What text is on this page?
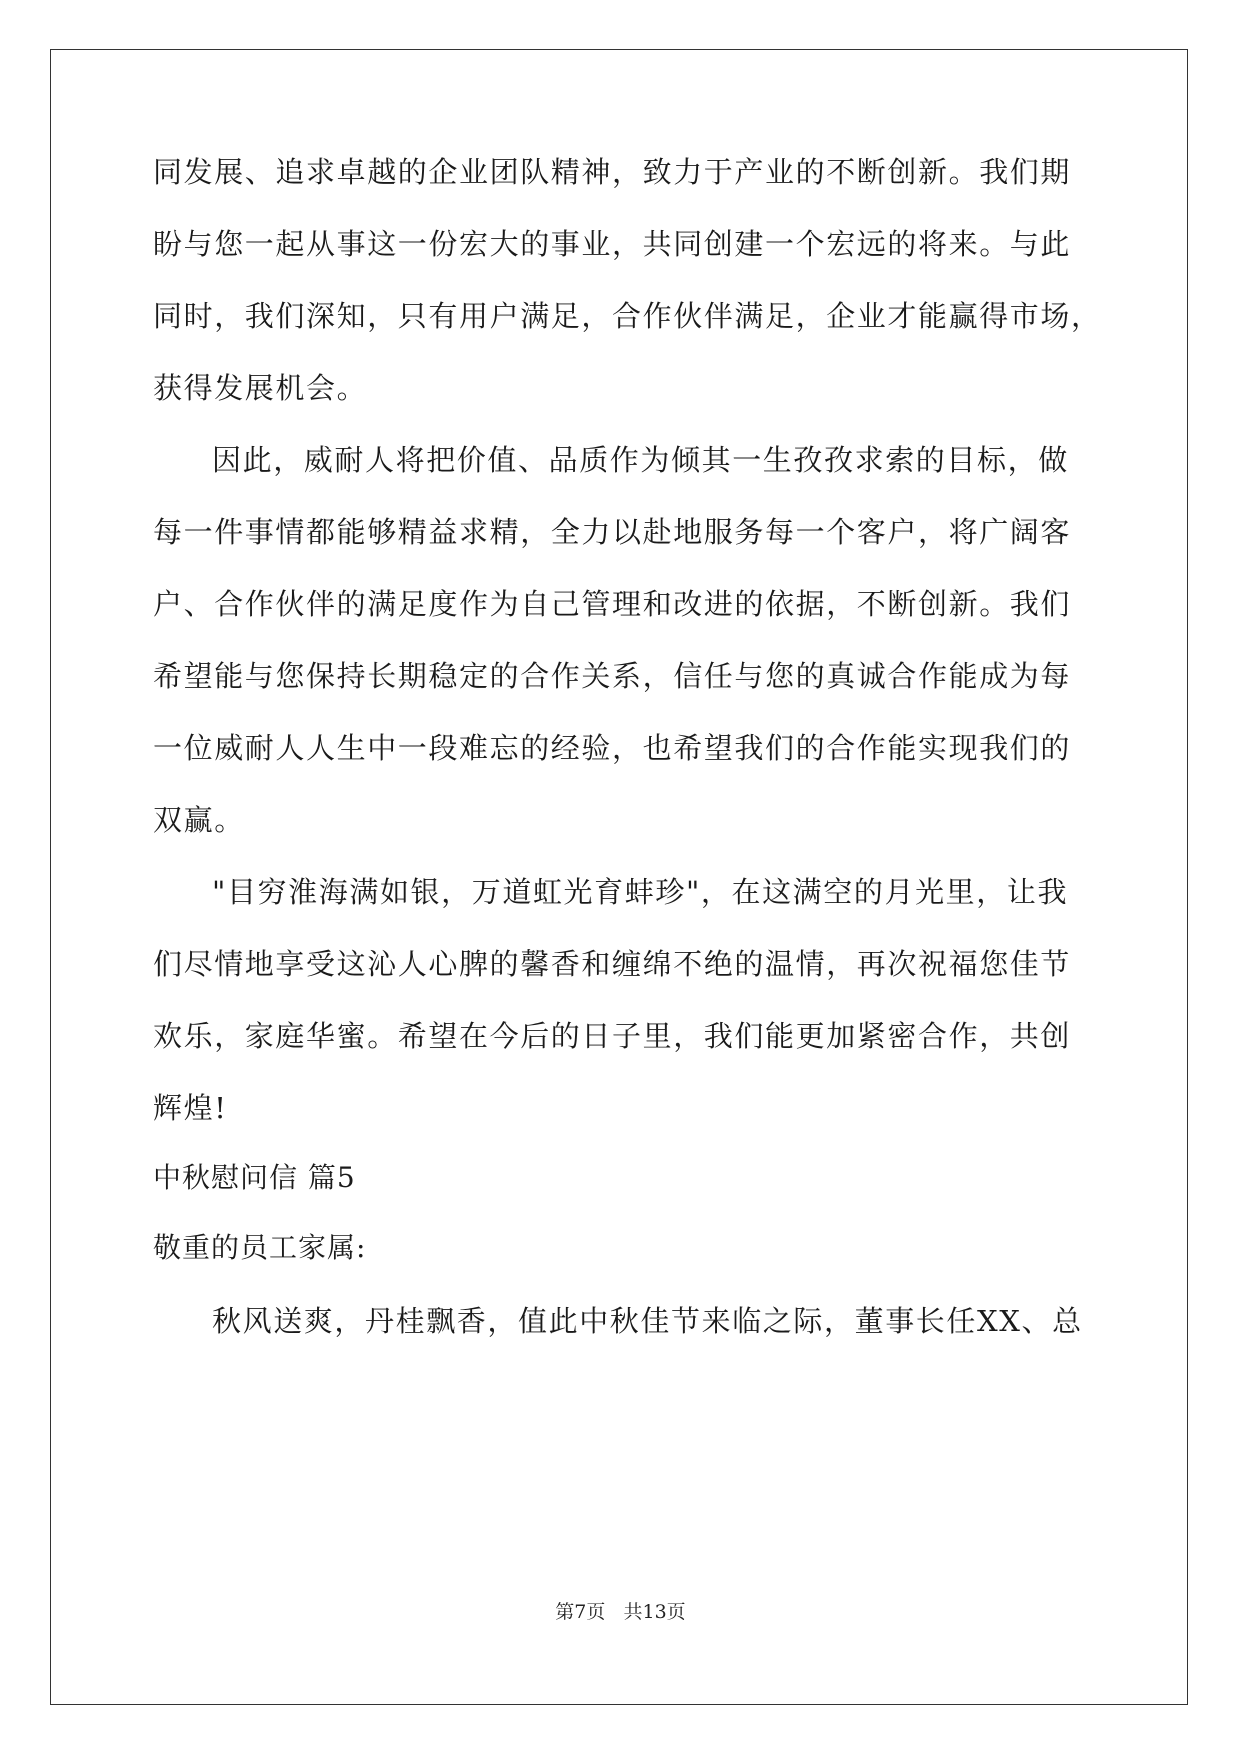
同发展、追求卓越的企业团队精神，致力于产业的不断创新。我们期
盼与您一起从事这一份宏大的事业，共同创建一个宏远的将来。与此
同时，我们深知，只有用户满足，合作伙伴满足，企业才能赢得市场，
获得发展机会。
因此，威耐人将把价值、品质作为倾其一生孜孜求索的目标，做
每一件事情都能够精益求精，全力以赴地服务每一个客户，将广阔客
户、合作伙伴的满足度作为自己管理和改进的依据，不断创新。我们
希望能与您保持长期稳定的合作关系，信任与您的真诚合作能成为每
一位威耐人人生中一段难忘的经验，也希望我们的合作能实现我们的
双赢。
"目穷淮海满如银，万道虹光育蚌珍"，在这满空的月光里，让我
们尽情地享受这沁人心脾的馨香和缠绵不绝的温情，再次祝福您佳节
欢乐，家庭华蜜。希望在今后的日子里，我们能更加紧密合作，共创
辉煌!
中秋慰问信 篇5
敬重的员工家属:
秋风送爽，丹桂飘香，值此中秋佳节来临之际，董事长任XX、总
第7页   共13页
